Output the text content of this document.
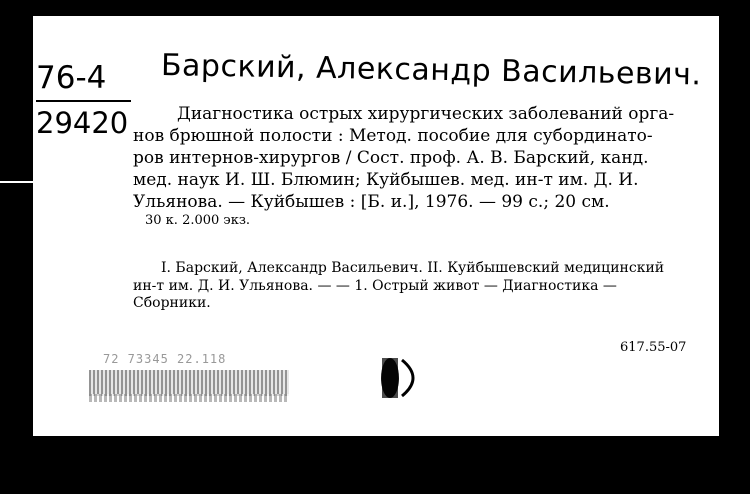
Барский, Александр Васильевич.
76-4
29420	Диагностика острых хирургических заболеваний орга-
нов брюшной полости : Метод. пособие для субординато-
ров интернов-хирургов / Сост. проф. А. В. Барский, канд.
мед. наук И. Ш. Блюмин; Куйбышев. мед. ин-т им. Д. И.
Ульянова. — Куйбышев : [Б. и.], 1976. — 99 с.; 20 см.
30 к. 2.000 экз.
I. Барский, Александр Васильевич. II. Куйбышевский медицинский
ин-т им. Д. И. Ульянова. — — 1. Острый живот — Диагностика —
Сборники.
617.55-07
72 73345 22.118
